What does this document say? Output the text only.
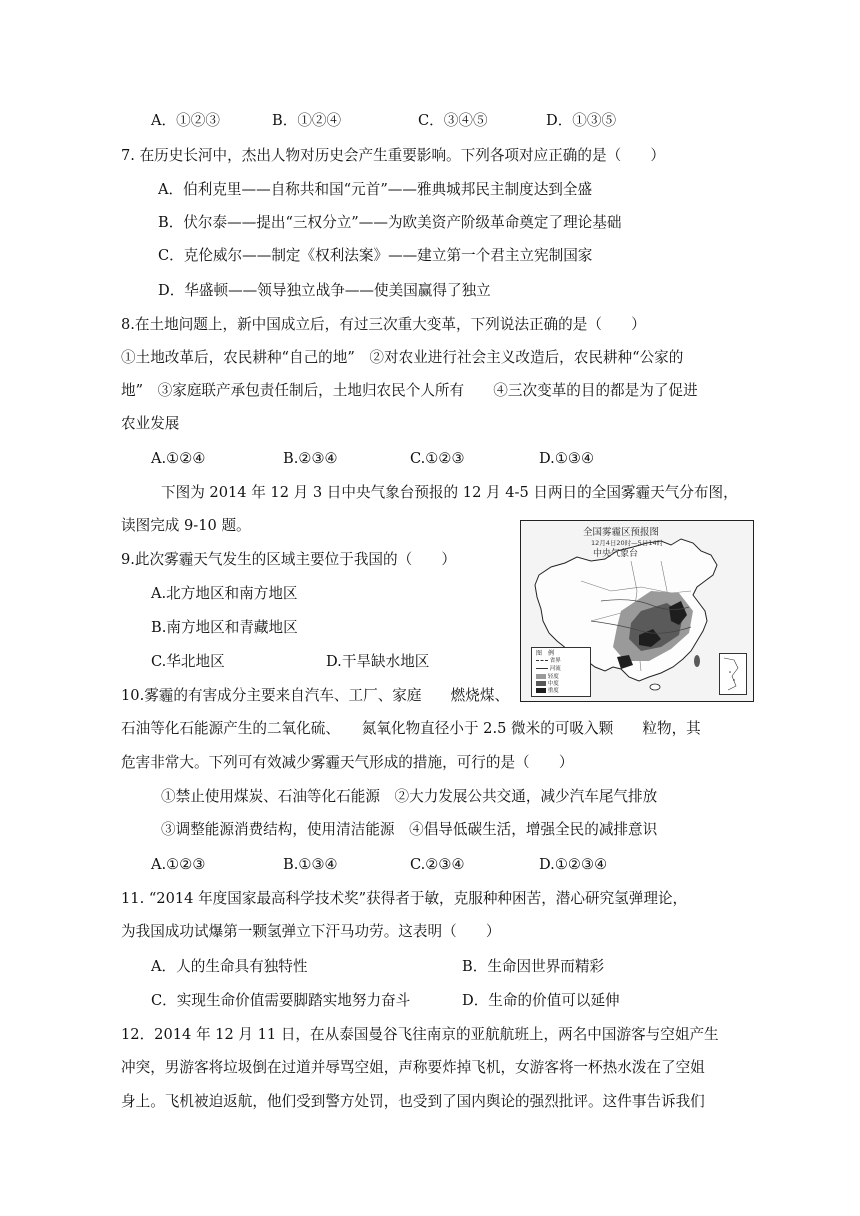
A．①②③	B．①②④	C．③④⑤	D．①③⑤
7. 在历史长河中，杰出人物对历史会产生重要影响。下列各项对应正确的是（　　）
A．伯利克里——自称共和国“元首”——雅典城邦民主制度达到全盛
B．伏尔泰——提出“三权分立”——为欧美资产阶级革命奠定了理论基础
C．克伦威尔——制定《权利法案》——建立第一个君主立宪制国家
D．华盛顿——领导独立战争——使美国赢得了独立
8.在土地问题上，新中国成立后，有过三次重大变革，下列说法正确的是（　　）
①土地改革后，农民耕种“自己的地”　②对农业进行社会主义改造后，农民耕种“公家的
地”　③家庭联产承包责任制后，土地归农民个人所有　　④三次变革的目的都是为了促进
农业发展
A.①②④	B.②③④	C.①②③	D.①③④
下图为 2014 年 12 月 3 日中央气象台预报的 12 月 4-5 日两日的全国雾霾天气分布图，
读图完成 9-10 题。	全国雾霾区预报图
12月4日20时—5日14时
中央气象台
图　例
省界
河流
轻度
中度
重度
9.此次雾霾天气发生的区域主要位于我国的（　　）
A.北方地区和南方地区
B.南方地区和青藏地区
C.华北地区	D.干旱缺水地区
10.雾霾的有害成分主要来自汽车、工厂、家庭　　燃烧煤、
石油等化石能源产生的二氧化硫、　　氮氧化物直径小于 2.5 微米的可吸入颗　　粒物，其
危害非常大。下列可有效减少雾霾天气形成的措施，可行的是（　　）
①禁止使用煤炭、石油等化石能源　②大力发展公共交通，减少汽车尾气排放
③调整能源消费结构，使用清洁能源　④倡导低碳生活，增强全民的减排意识
A.①②③	B.①③④	C.②③④	D.①②③④
11. “2014 年度国家最高科学技术奖”获得者于敏，克服种种困苦，潜心研究氢弹理论，
为我国成功试爆第一颗氢弹立下汗马功劳。这表明（　　）
A．人的生命具有独特性	B．生命因世界而精彩
C．实现生命价值需要脚踏实地努力奋斗	D．生命的价值可以延伸
12．2014 年 12 月 11 日，在从泰国曼谷飞往南京的亚航航班上，两名中国游客与空姐产生
冲突，男游客将垃圾倒在过道并辱骂空姐，声称要炸掉飞机，女游客将一杯热水泼在了空姐
身上。飞机被迫返航，他们受到警方处罚，也受到了国内舆论的强烈批评。这件事告诉我们
